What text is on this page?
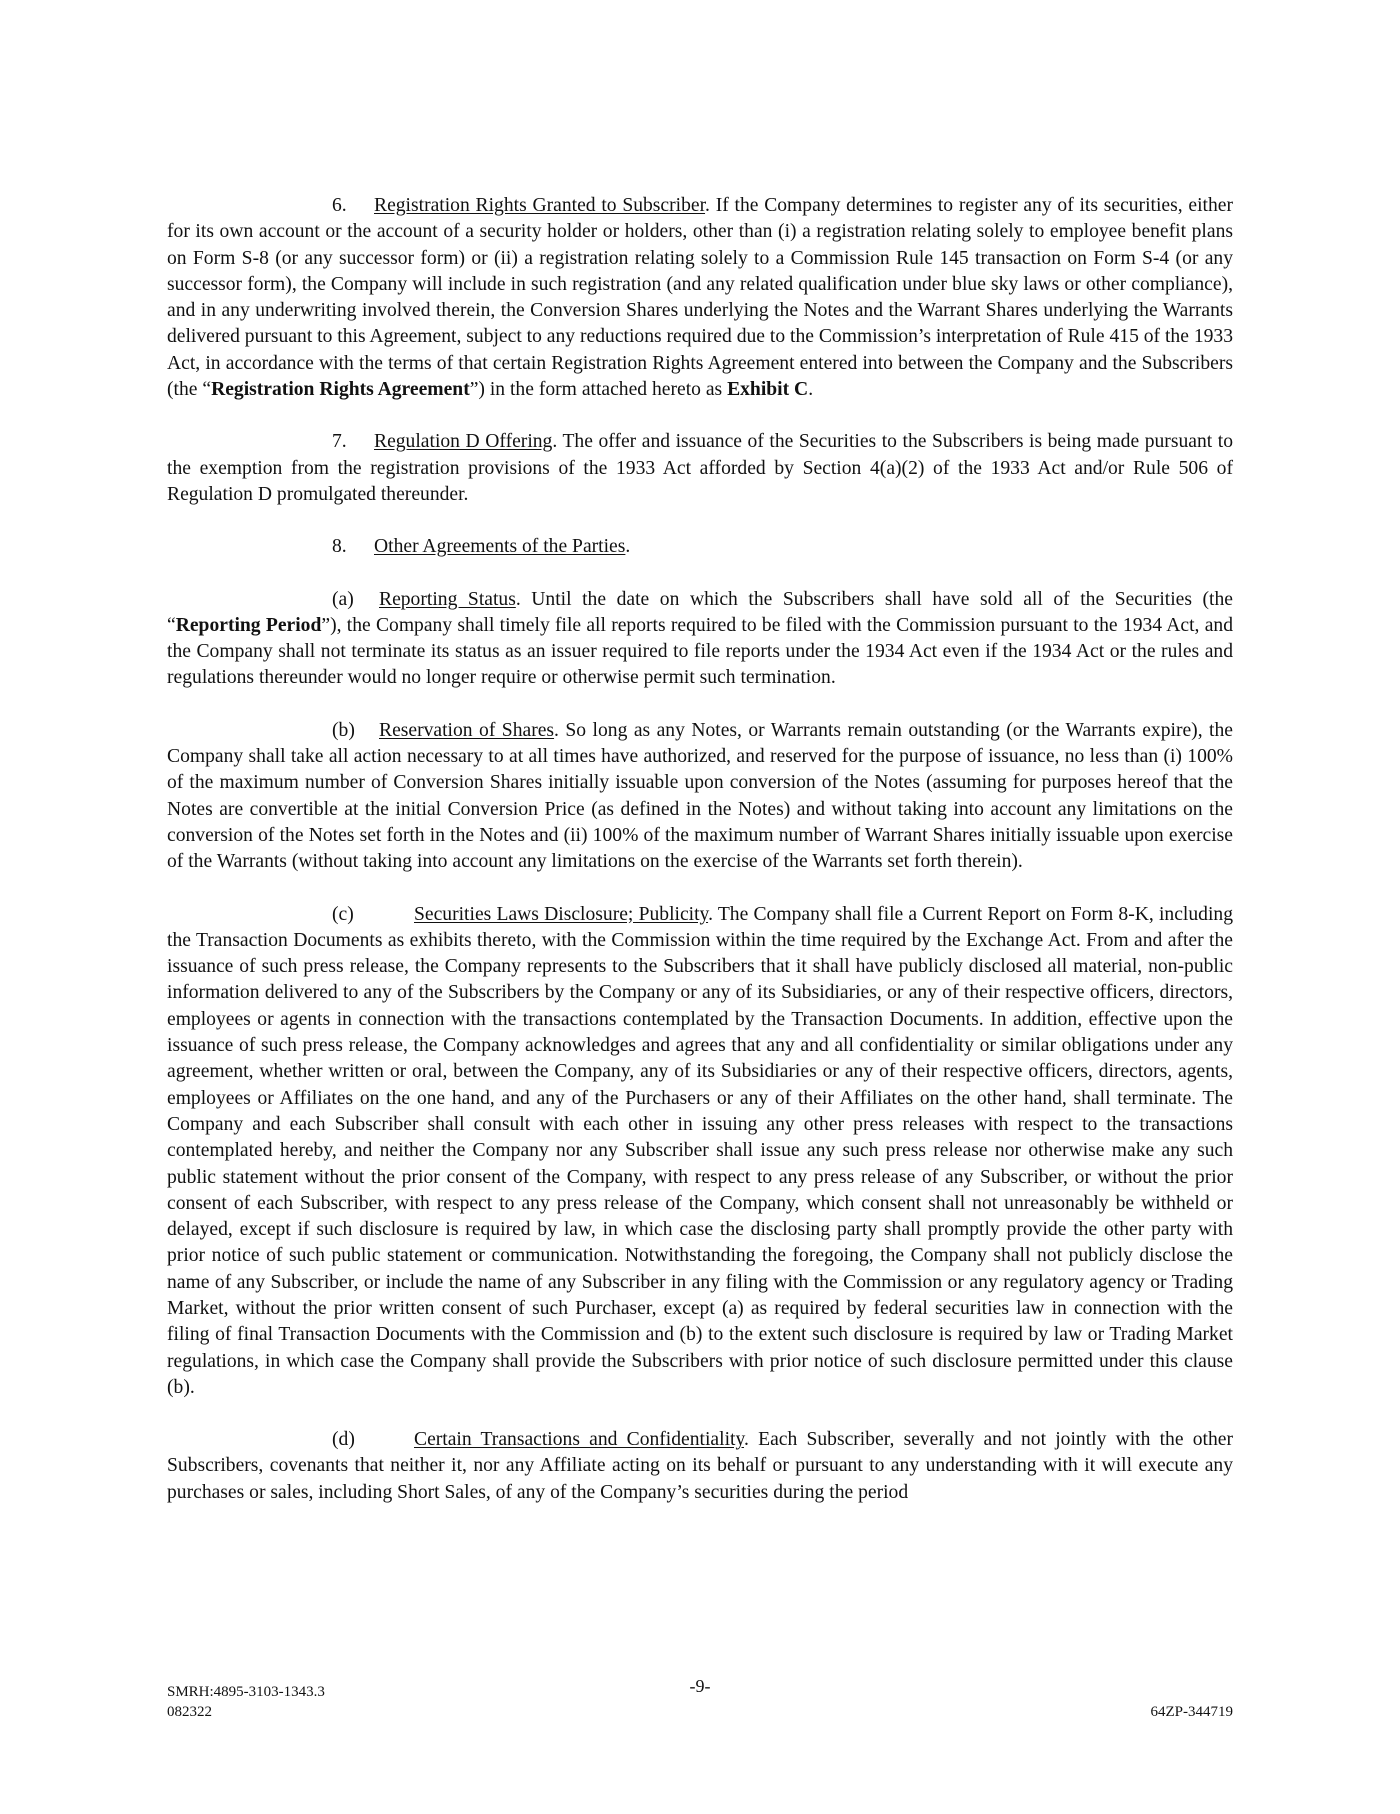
6. Registration Rights Granted to Subscriber. If the Company determines to register any of its securities, either for its own account or the account of a security holder or holders, other than (i) a registration relating solely to employee benefit plans on Form S-8 (or any successor form) or (ii) a registration relating solely to a Commission Rule 145 transaction on Form S-4 (or any successor form), the Company will include in such registration (and any related qualification under blue sky laws or other compliance), and in any underwriting involved therein, the Conversion Shares underlying the Notes and the Warrant Shares underlying the Warrants delivered pursuant to this Agreement, subject to any reductions required due to the Commission’s interpretation of Rule 415 of the 1933 Act, in accordance with the terms of that certain Registration Rights Agreement entered into between the Company and the Subscribers (the “Registration Rights Agreement”) in the form attached hereto as Exhibit C.

7. Regulation D Offering. The offer and issuance of the Securities to the Subscribers is being made pursuant to the exemption from the registration provisions of the 1933 Act afforded by Section 4(a)(2) of the 1933 Act and/or Rule 506 of Regulation D promulgated thereunder.

8. Other Agreements of the Parties.

(a) Reporting Status. Until the date on which the Subscribers shall have sold all of the Securities (the “Reporting Period”), the Company shall timely file all reports required to be filed with the Commission pursuant to the 1934 Act, and the Company shall not terminate its status as an issuer required to file reports under the 1934 Act even if the 1934 Act or the rules and regulations thereunder would no longer require or otherwise permit such termination.

(b) Reservation of Shares. So long as any Notes, or Warrants remain outstanding (or the Warrants expire), the Company shall take all action necessary to at all times have authorized, and reserved for the purpose of issuance, no less than (i) 100% of the maximum number of Conversion Shares initially issuable upon conversion of the Notes (assuming for purposes hereof that the Notes are convertible at the initial Conversion Price (as defined in the Notes) and without taking into account any limitations on the conversion of the Notes set forth in the Notes and (ii) 100% of the maximum number of Warrant Shares initially issuable upon exercise of the Warrants (without taking into account any limitations on the exercise of the Warrants set forth therein).

(c)	Securities Laws Disclosure; Publicity. The Company shall file a Current Report on Form 8-K, including the Transaction Documents as exhibits thereto, with the Commission within the time required by the Exchange Act. From and after the issuance of such press release, the Company represents to the Subscribers that it shall have publicly disclosed all material, non-public information delivered to any of the Subscribers by the Company or any of its Subsidiaries, or any of their respective officers, directors, employees or agents in connection with the transactions contemplated by the Transaction Documents. In addition, effective upon the issuance of such press release, the Company acknowledges and agrees that any and all confidentiality or similar obligations under any agreement, whether written or oral, between the Company, any of its Subsidiaries or any of their respective officers, directors, agents, employees or Affiliates on the one hand, and any of the Purchasers or any of their Affiliates on the other hand, shall terminate. The Company and each Subscriber shall consult with each other in issuing any other press releases with respect to the transactions contemplated hereby, and neither the Company nor any Subscriber shall issue any such press release nor otherwise make any such public statement without the prior consent of the Company, with respect to any press release of any Subscriber, or without the prior consent of each Subscriber, with respect to any press release of the Company, which consent shall not unreasonably be withheld or delayed, except if such disclosure is required by law, in which case the disclosing party shall promptly provide the other party with prior notice of such public statement or communication. Notwithstanding the foregoing, the Company shall not publicly disclose the name of any Subscriber, or include the name of any Subscriber in any filing with the Commission or any regulatory agency or Trading Market, without the prior written consent of such Purchaser, except (a) as required by federal securities law in connection with the filing of final Transaction Documents with the Commission and (b) to the extent such disclosure is required by law or Trading Market regulations, in which case the Company shall provide the Subscribers with prior notice of such disclosure permitted under this clause (b).

(d)	Certain Transactions and Confidentiality. Each Subscriber, severally and not jointly with the other Subscribers, covenants that neither it, nor any Affiliate acting on its behalf or pursuant to any understanding with it will execute any purchases or sales, including Short Sales, of any of the Company’s securities during the period

SMRH:4895-3103-1343.3
082322
-9-
64ZP-344719
